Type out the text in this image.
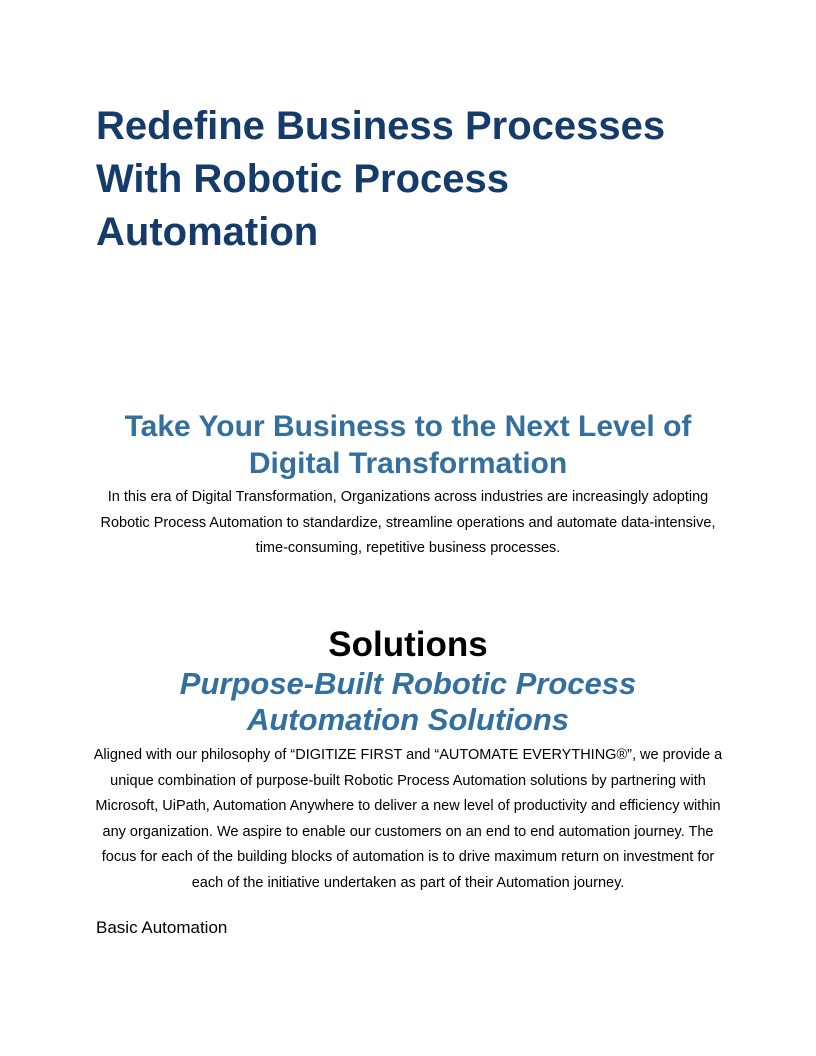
Redefine Business Processes With Robotic Process Automation
Take Your Business to the Next Level of Digital Transformation

In this era of Digital Transformation, Organizations across industries are increasingly adopting Robotic Process Automation to standardize, streamline operations and automate data-intensive, time-consuming, repetitive business processes.

Solutions
Purpose-Built Robotic Process Automation Solutions

Aligned with our philosophy of “DIGITIZE FIRST and “AUTOMATE EVERYTHING®”, we provide a unique combination of purpose-built Robotic Process Automation solutions by partnering with Microsoft, UiPath, Automation Anywhere to deliver a new level of productivity and efficiency within any organization. We aspire to enable our customers on an end to end automation journey. The focus for each of the building blocks of automation is to drive maximum return on investment for each of the initiative undertaken as part of their Automation journey.

Basic Automation
